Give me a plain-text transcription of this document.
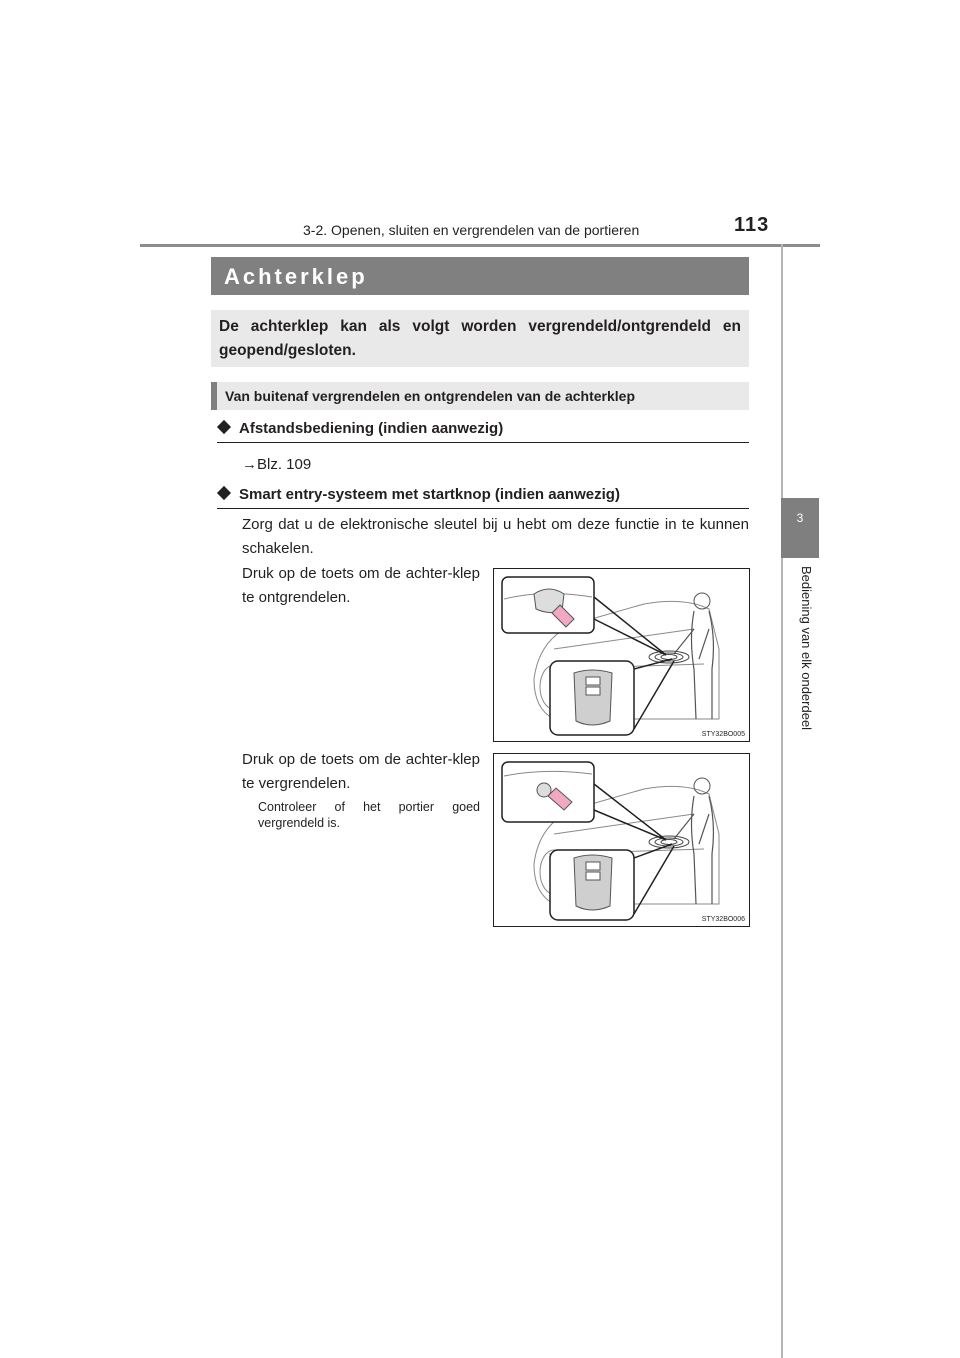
3-2. Openen, sluiten en vergrendelen van de portieren	113
3
Bediening van elk onderdeel
Achterklep
De achterklep kan als volgt worden vergrendeld/ontgrendeld en geopend/gesloten.
Van buitenaf vergrendelen en ontgrendelen van de achterklep
Afstandsbediening (indien aanwezig)
→Blz. 109
Smart entry-systeem met startknop (indien aanwezig)
Zorg dat u de elektronische sleutel bij u hebt om deze functie in te kunnen schakelen.
Druk op de toets om de achter-klep te ontgrendelen.
Druk op de toets om de achter-klep te vergrendelen.
Controleer of het portier goed vergrendeld is.
STY32BO005
STY32BO006
